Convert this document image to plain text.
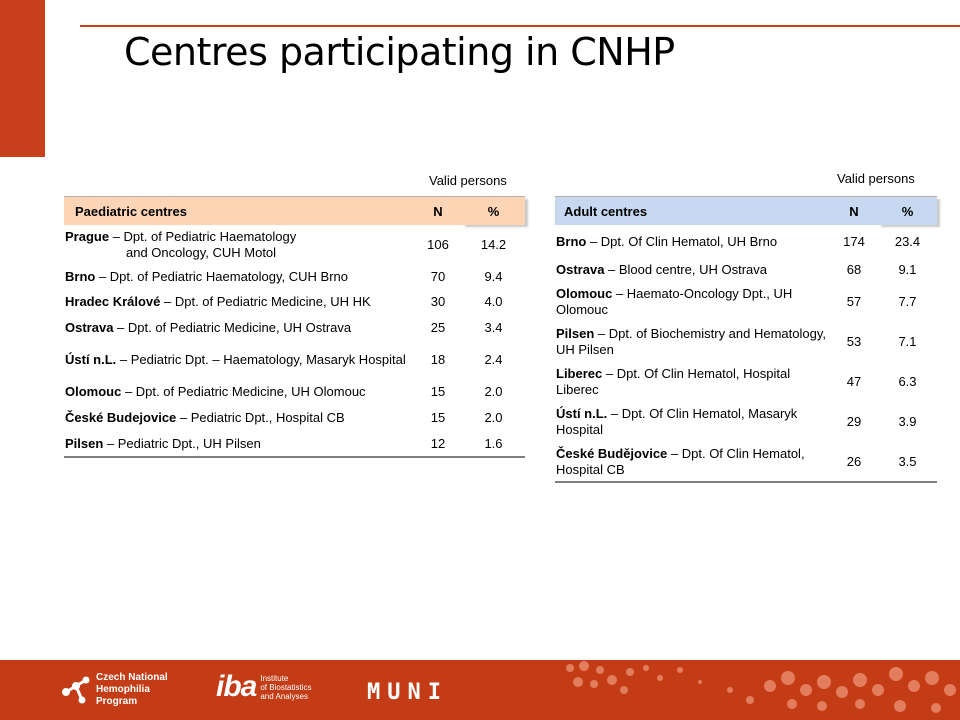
Centres participating in CNHP
Valid persons
Paediatric centres	N	%
Prague – Dpt. of Pediatric Haematology
and Oncology, CUH Motol	106	14.2
Brno – Dpt. of Pediatric Haematology, CUH Brno	70	9.4
Hradec Králové – Dpt. of Pediatric Medicine, UH HK	30	4.0
Ostrava – Dpt. of Pediatric Medicine, UH Ostrava	25	3.4
Ústí n.L. – Pediatric Dpt. – Haematology, Masaryk Hospital	18	2.4
Olomouc – Dpt. of Pediatric Medicine, UH Olomouc	15	2.0
České Budejovice – Pediatric Dpt., Hospital CB	15	2.0
Pilsen – Pediatric Dpt., UH Pilsen	12	1.6
Valid persons
Adult centres	N	%
Brno – Dpt. Of Clin Hematol, UH Brno	174	23.4
Ostrava – Blood centre, UH Ostrava	68	9.1
Olomouc – Haemato-Oncology Dpt., UH Olomouc	57	7.7
Pilsen – Dpt. of Biochemistry and Hematology, UH Pilsen	53	7.1
Liberec – Dpt. Of Clin Hematol, Hospital Liberec	47	6.3
Ústí n.L. – Dpt. Of Clin Hematol, Masaryk Hospital	29	3.9
České Budějovice – Dpt. Of Clin Hematol, Hospital CB	26	3.5
Czech National
Hemophilia
Program	iba Institute
of Biostatistics
and Analyses	MUNI
